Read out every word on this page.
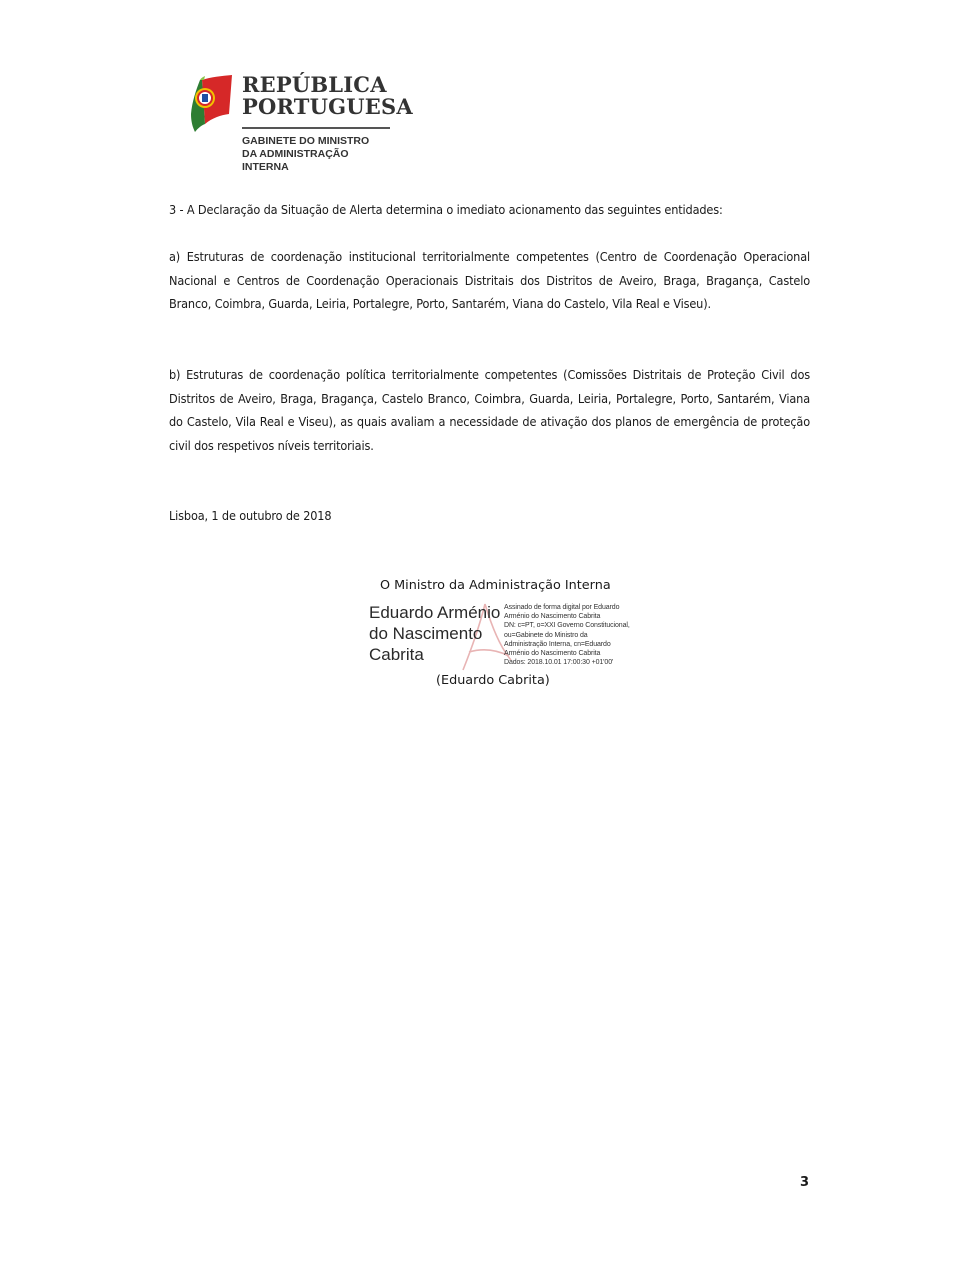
REPÚBLICA
PORTUGUESA
GABINETE DO MINISTRO
DA ADMINISTRAÇÃO INTERNA

3 - A Declaração da Situação de Alerta determina o imediato acionamento das seguintes entidades:

a) Estruturas de coordenação institucional territorialmente competentes (Centro de Coordenação Operacional Nacional e Centros de Coordenação Operacionais Distritais dos Distritos de Aveiro, Braga, Bragança, Castelo Branco, Coimbra, Guarda, Leiria, Portalegre, Porto, Santarém, Viana do Castelo, Vila Real e Viseu).

b) Estruturas de coordenação política territorialmente competentes (Comissões Distritais de Proteção Civil dos Distritos de Aveiro, Braga, Bragança, Castelo Branco, Coimbra, Guarda, Leiria, Portalegre, Porto, Santarém, Viana do Castelo, Vila Real e Viseu), as quais avaliam a necessidade de ativação dos planos de emergência de proteção civil dos respetivos níveis territoriais.

Lisboa, 1 de outubro de 2018

O Ministro da Administração Interna
Eduardo Arménio
do Nascimento
Cabrita
Assinado de forma digital por Eduardo
Arménio do Nascimento Cabrita
DN: c=PT, o=XXI Governo Constitucional,
ou=Gabinete do Ministro da
Administração Interna, cn=Eduardo
Arménio do Nascimento Cabrita
Dados: 2018.10.01 17:00:30 +01'00'
(Eduardo Cabrita)
3
